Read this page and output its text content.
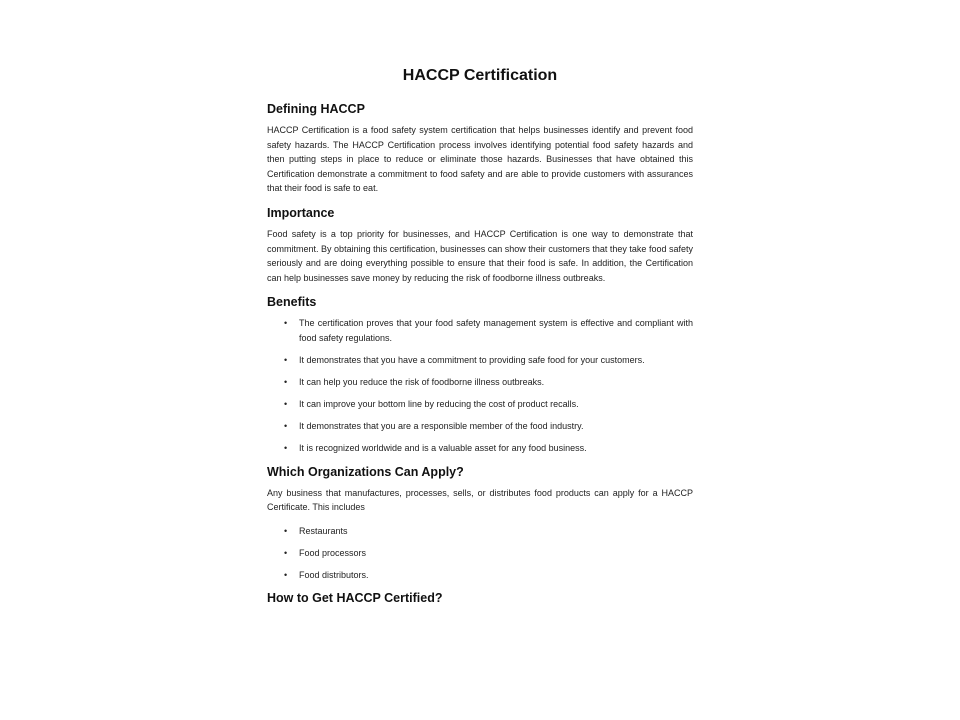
HACCP Certification
Defining HACCP

HACCP Certification is a food safety system certification that helps businesses identify and prevent food safety hazards. The HACCP Certification process involves identifying potential food safety hazards and then putting steps in place to reduce or eliminate those hazards. Businesses that have obtained this Certification demonstrate a commitment to food safety and are able to provide customers with assurances that their food is safe to eat.

Importance

Food safety is a top priority for businesses, and HACCP Certification is one way to demonstrate that commitment. By obtaining this certification, businesses can show their customers that they take food safety seriously and are doing everything possible to ensure that their food is safe. In addition, the Certification can help businesses save money by reducing the risk of foodborne illness outbreaks.

Benefits
• The certification proves that your food safety management system is effective and compliant with food safety regulations.
• It demonstrates that you have a commitment to providing safe food for your customers.
• It can help you reduce the risk of foodborne illness outbreaks.
• It can improve your bottom line by reducing the cost of product recalls.
• It demonstrates that you are a responsible member of the food industry.
• It is recognized worldwide and is a valuable asset for any food business.
Which Organizations Can Apply?

Any business that manufactures, processes, sells, or distributes food products can apply for a HACCP Certificate. This includes

• Restaurants
• Food processors
• Food distributors.
How to Get HACCP Certified?
